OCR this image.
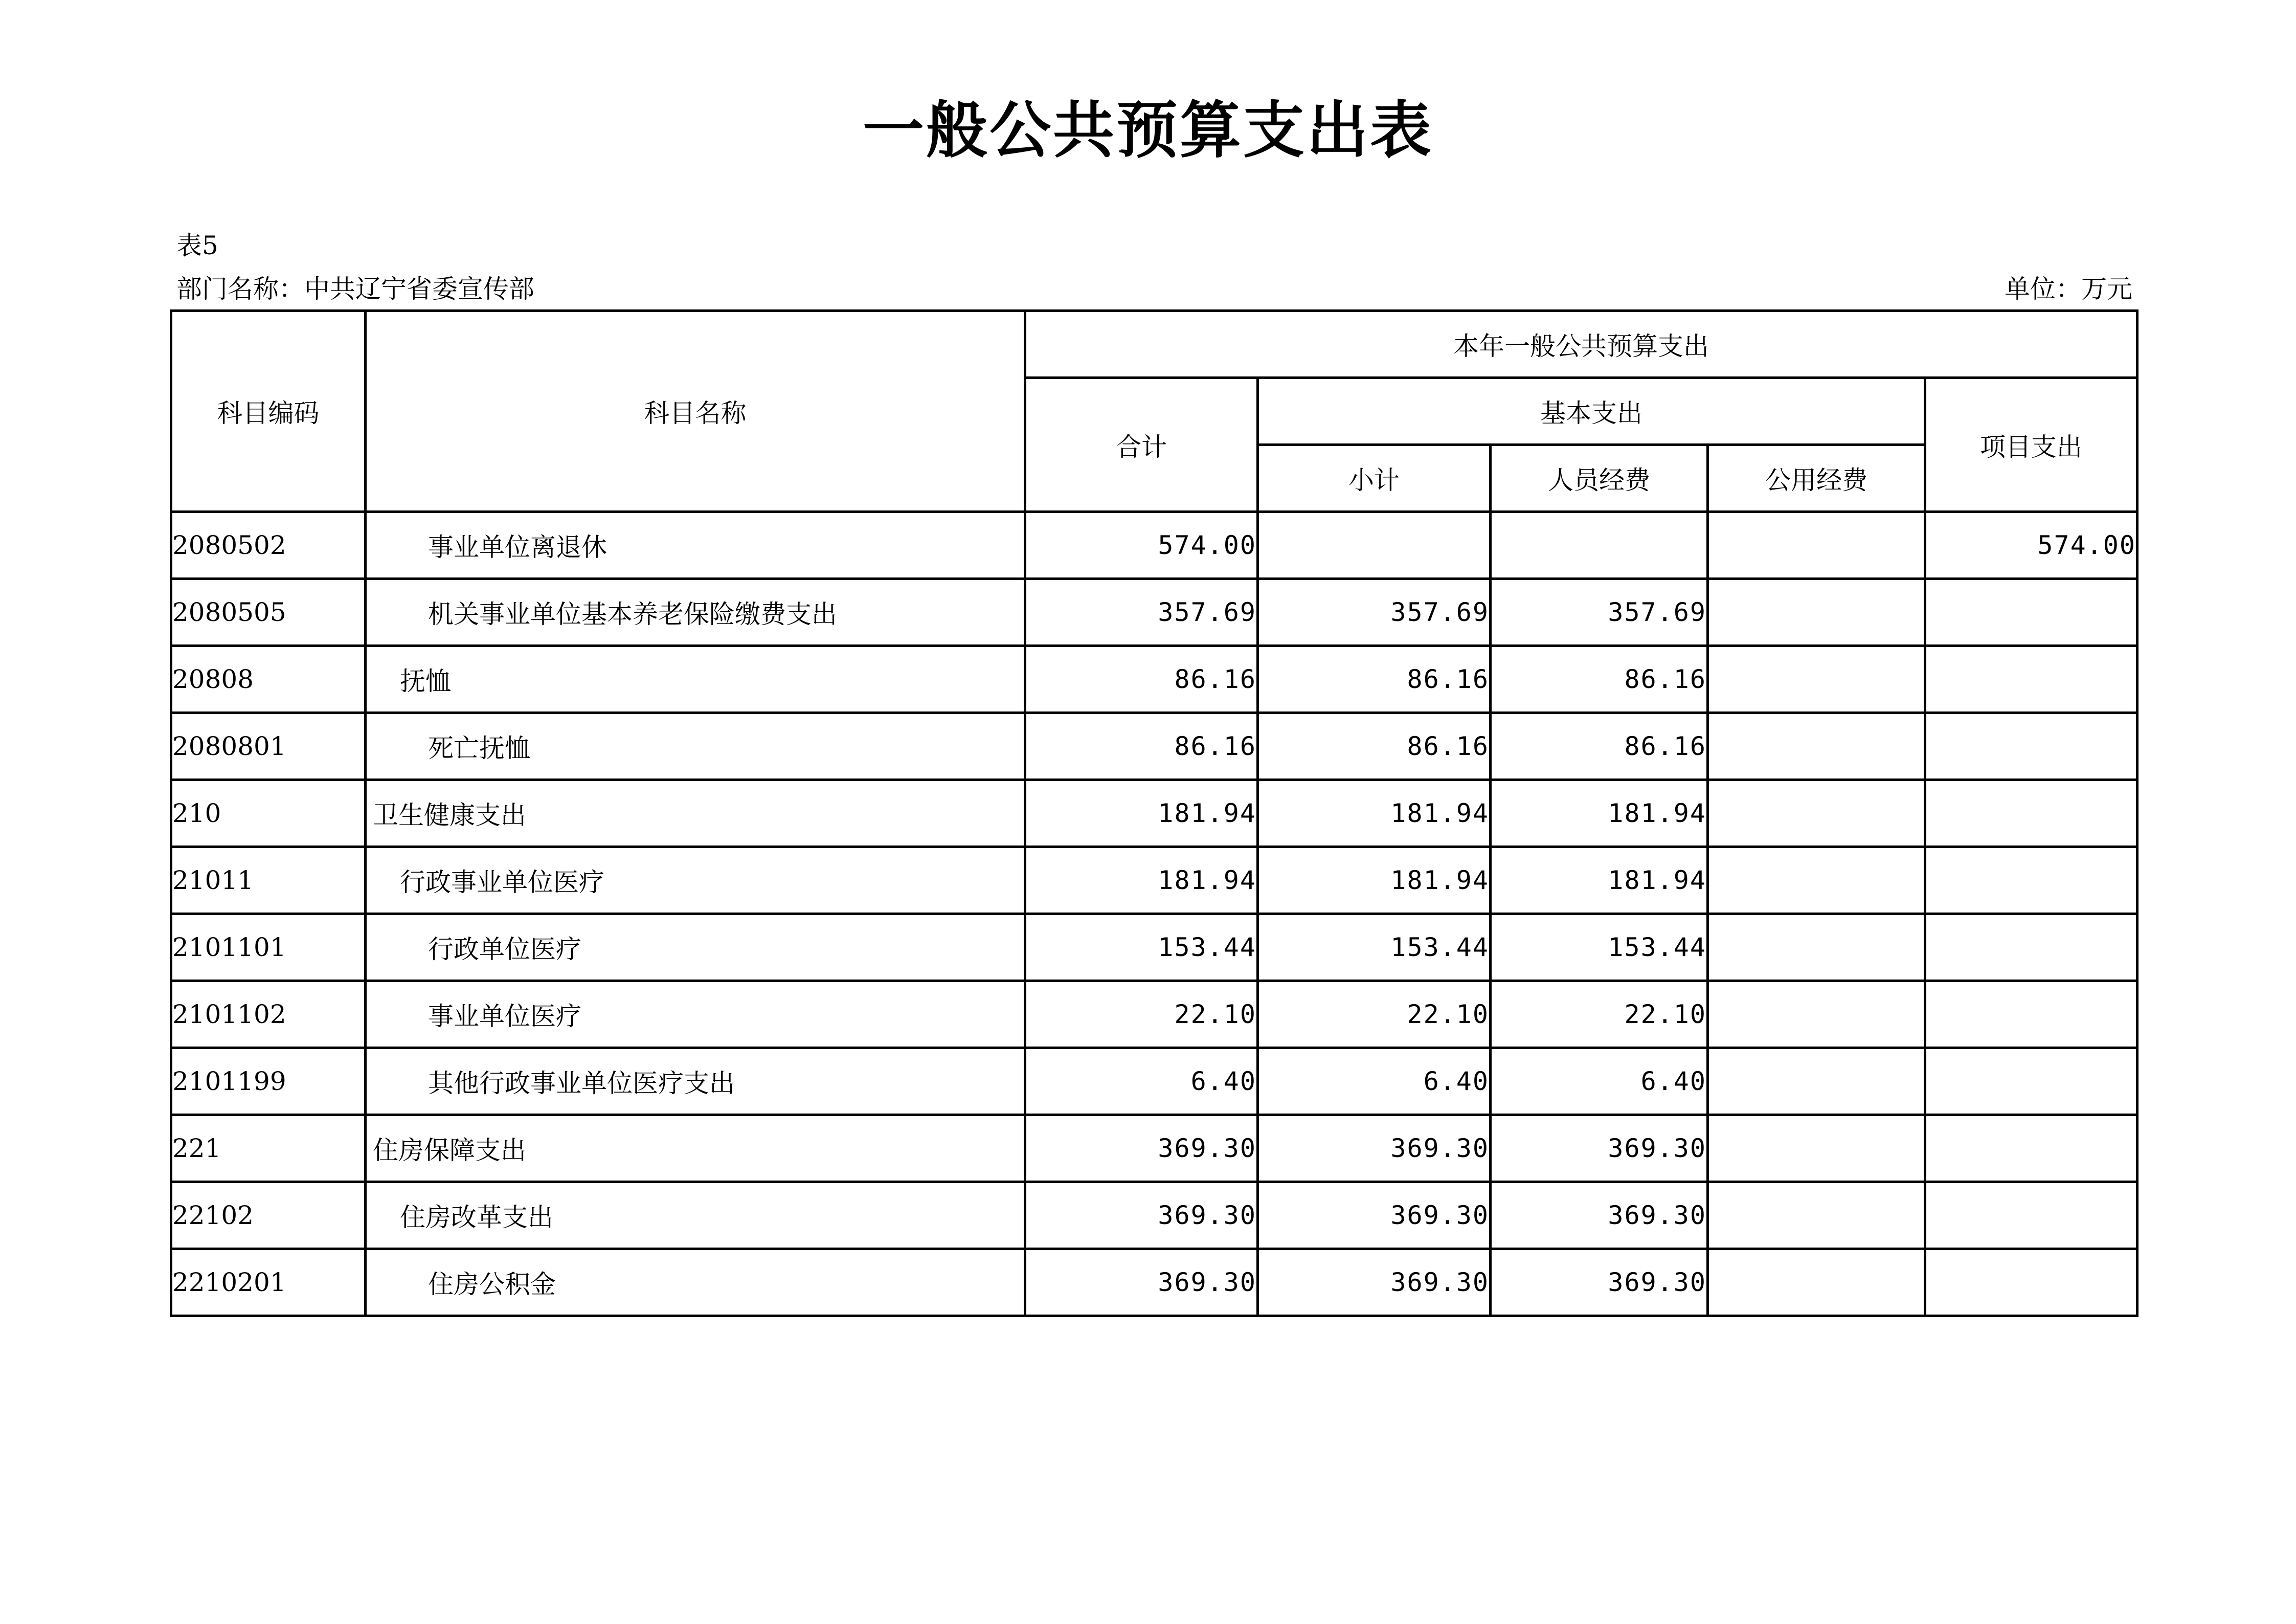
一般公共预算支出表
表5
部门名称：中共辽宁省委宣传部	单位：万元
科目编码	科目名称	本年一般公共预算支出				
		合计	基本支出			项目支出
			小计	人员经费	公用经费	
2080502	事业单位离退休	574.00				574.00
2080505	机关事业单位基本养老保险缴费支出	357.69	357.69	357.69		
20808	抚恤	86.16	86.16	86.16		
2080801	死亡抚恤	86.16	86.16	86.16		
210	卫生健康支出	181.94	181.94	181.94		
21011	行政事业单位医疗	181.94	181.94	181.94		
2101101	行政单位医疗	153.44	153.44	153.44		
2101102	事业单位医疗	22.10	22.10	22.10		
2101199	其他行政事业单位医疗支出	6.40	6.40	6.40		
221	住房保障支出	369.30	369.30	369.30		
22102	住房改革支出	369.30	369.30	369.30		
2210201	住房公积金	369.30	369.30	369.30		
